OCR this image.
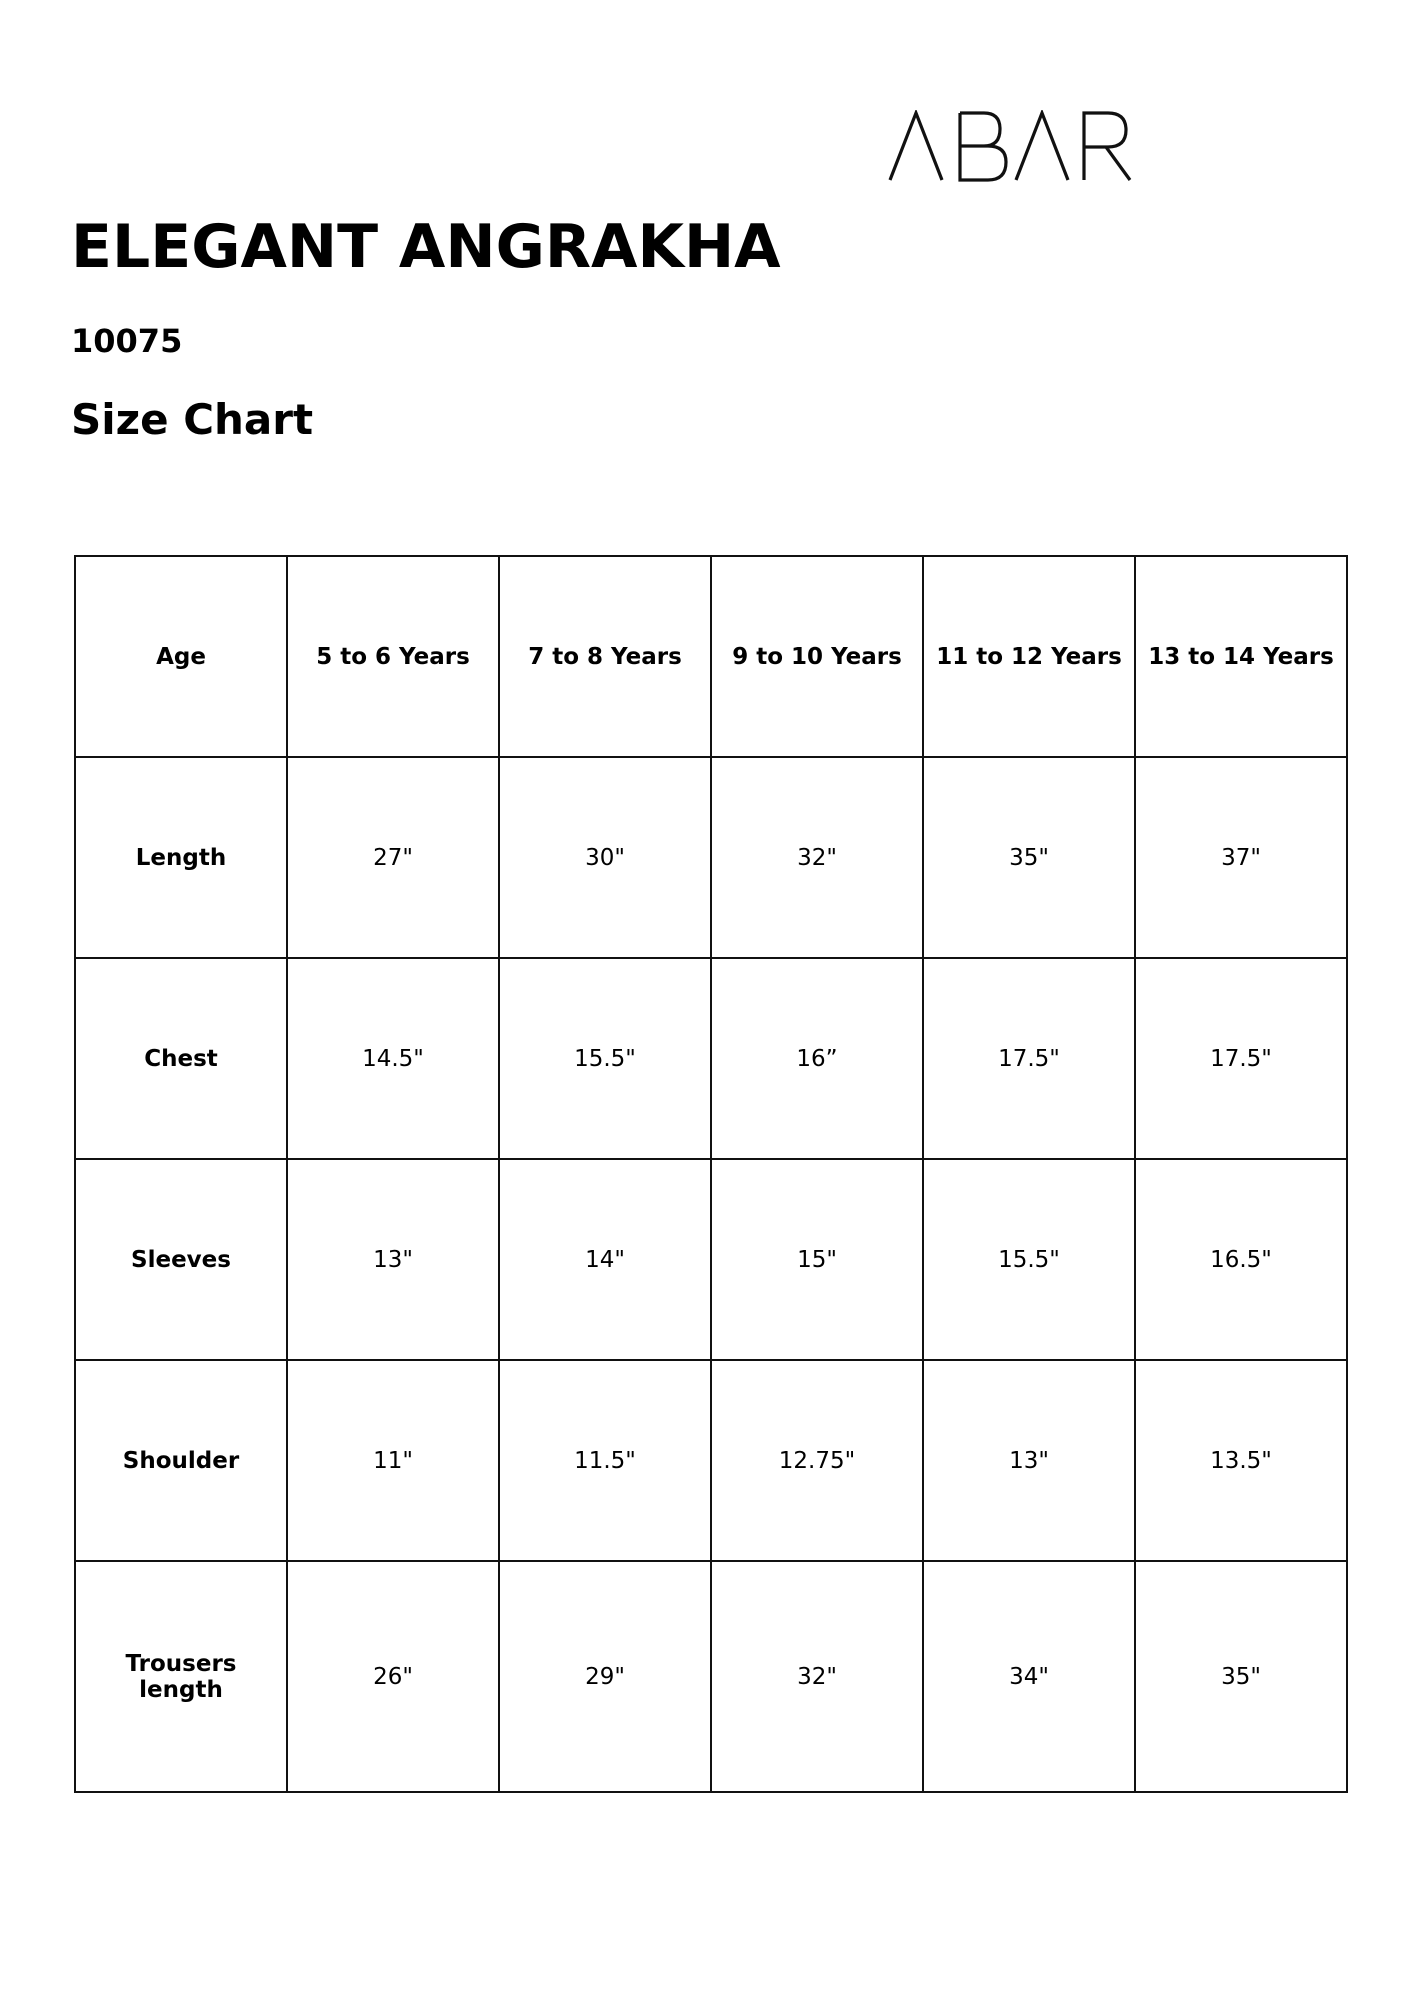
ELEGANT ANGRAKHA
10075
Size Chart
Age	5 to 6 Years	7 to 8 Years	9 to 10 Years	11 to 12 Years	13 to 14 Years
Length	27"	30"	32"	35"	37"
Chest	14.5"	15.5"	16”	17.5"	17.5"
Sleeves	13"	14"	15"	15.5"	16.5"
Shoulder	11"	11.5"	12.75"	13"	13.5"
Trousers length	26"	29"	32"	34"	35"
